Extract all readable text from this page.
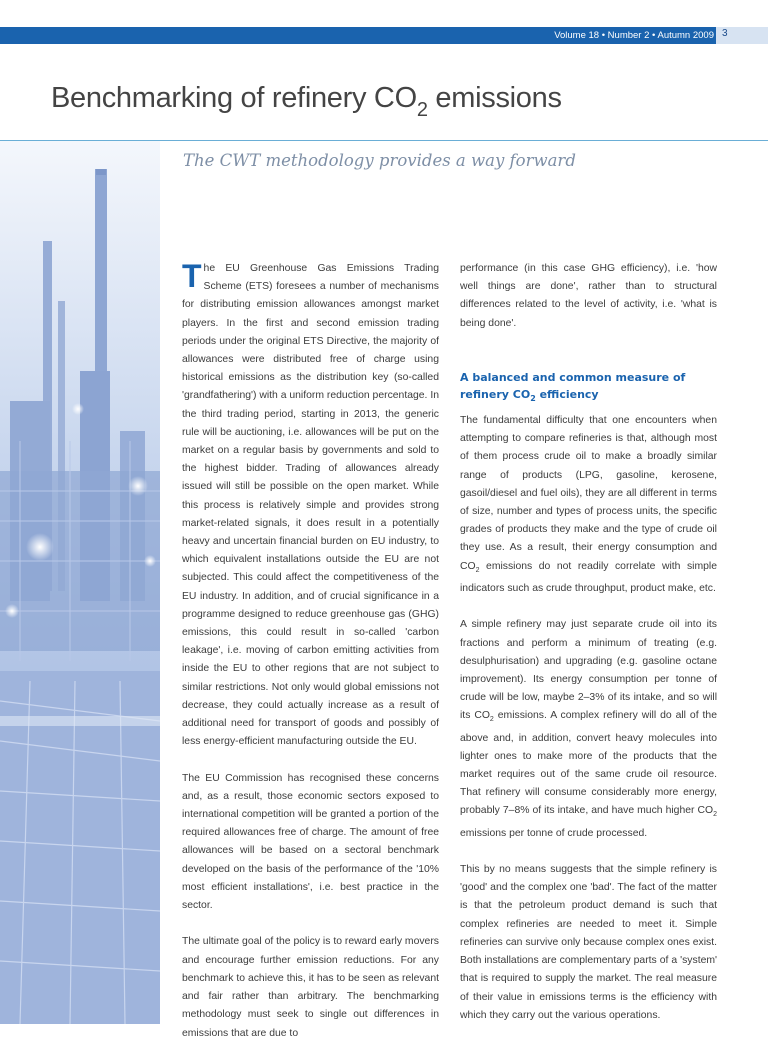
Volume 18 • Number 2 • Autumn 2009 3
Benchmarking of refinery $CO_2$ emissions
The CWT methodology provides a way forward

The EU Greenhouse Gas Emissions Trading Scheme (ETS) foresees a number of mechanisms for distributing emission allowances amongst market players. In the first and second emission trading periods under the original ETS Directive, the majority of allowances were distributed free of charge using historical emissions as the distribution key (so-called 'grandfathering') with a uniform reduction percentage. In the third trading period, starting in 2013, the generic rule will be auctioning, i.e. allowances will be put on the market on a regular basis by governments and sold to the highest bidder. Trading of allowances already issued will still be possible on the open market. While this process is relatively simple and provides strong market-related signals, it does result in a potentially heavy and uncertain financial burden on EU industry, to which equivalent installations outside the EU are not subjected. This could affect the competitiveness of the EU industry. In addition, and of crucial significance in a programme designed to reduce greenhouse gas (GHG) emissions, this could result in so-called 'carbon leakage', i.e. moving of carbon emitting activities from inside the EU to other regions that are not subject to similar restrictions. Not only would global emissions not decrease, they could actually increase as a result of additional need for transport of goods and possibly of less energy-efficient manufacturing outside the EU.

The EU Commission has recognised these concerns and, as a result, those economic sectors exposed to international competition will be granted a portion of the required allowances free of charge. The amount of free allowances will be based on a sectoral benchmark developed on the basis of the performance of the '10% most efficient installations', i.e. best practice in the sector.

The ultimate goal of the policy is to reward early movers and encourage further emission reductions. For any benchmark to achieve this, it has to be seen as relevant and fair rather than arbitrary. The benchmarking methodology must seek to single out differences in emissions that are due to

performance (in this case GHG efficiency), i.e. 'how well things are done', rather than to structural differences related to the level of activity, i.e. 'what is being done'.

A balanced and common measure of refinery $CO_2$ efficiency

The fundamental difficulty that one encounters when attempting to compare refineries is that, although most of them process crude oil to make a broadly similar range of products (LPG, gasoline, kerosene, gasoil/diesel and fuel oils), they are all different in terms of size, number and types of process units, the specific grades of products they make and the type of crude oil they use. As a result, their energy consumption and $CO_2$ emissions do not readily correlate with simple indicators such as crude throughput, product make, etc.

A simple refinery may just separate crude oil into its fractions and perform a minimum of treating (e.g. desulphurisation) and upgrading (e.g. gasoline octane improvement). Its energy consumption per tonne of crude will be low, maybe 2–3% of its intake, and so will its $CO_2$ emissions. A complex refinery will do all of the above and, in addition, convert heavy molecules into lighter ones to make more of the products that the market requires out of the same crude oil resource. That refinery will consume considerably more energy, probably 7–8% of its intake, and have much higher $CO_2$ emissions per tonne of crude processed.

This by no means suggests that the simple refinery is 'good' and the complex one 'bad'. The fact of the matter is that the petroleum product demand is such that complex refineries are needed to meet it. Simple refineries can survive only because complex ones exist. Both installations are complementary parts of a 'system' that is required to supply the market. The real measure of their value in emissions terms is the efficiency with which they carry out the various operations.
